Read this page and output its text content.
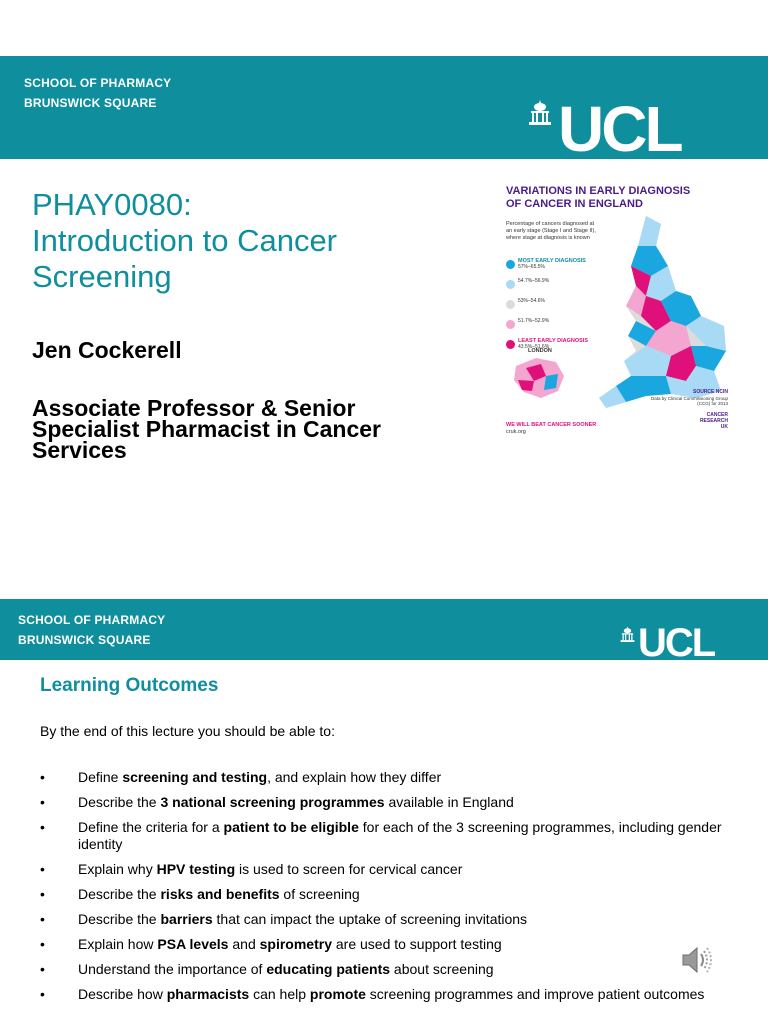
SCHOOL OF PHARMACY
BRUNSWICK SQUARE	UCL
PHAY0080:
Introduction to Cancer
Screening
Jen Cockerell
Associate Professor & Senior
Specialist Pharmacist in Cancer
Services
VARIATIONS IN EARLY DIAGNOSIS
OF CANCER IN ENGLAND
Percentage of cancers diagnosed at an early stage (Stage I and Stage II), where stage at diagnosis is known
MOST EARLY DIAGNOSIS
57%–65.5%
54.7%–56.9%
53%–54.6%
51.7%–52.9%
LEAST EARLY DIAGNOSIS
43.5%–51.6%
LONDON
SOURCE NCIN
Data by Clinical Commissioning Group (CCG) for 2013
WE WILL BEAT CANCER SOONER
cruk.org
CANCER
RESEARCH
UK
SCHOOL OF PHARMACY
BRUNSWICK SQUARE	UCL
Learning Outcomes
By the end of this lecture you should be able to:
• Define screening and testing, and explain how they differ
• Describe the 3 national screening programmes available in England
• Define the criteria for a patient to be eligible for each of the 3 screening programmes, including gender identity
• Explain why HPV testing is used to screen for cervical cancer
• Describe the risks and benefits of screening
• Describe the barriers that can impact the uptake of screening invitations
• Explain how PSA levels and spirometry are used to support testing
• Understand the importance of educating patients about screening
• Describe how pharmacists can help promote screening programmes and improve patient outcomes
